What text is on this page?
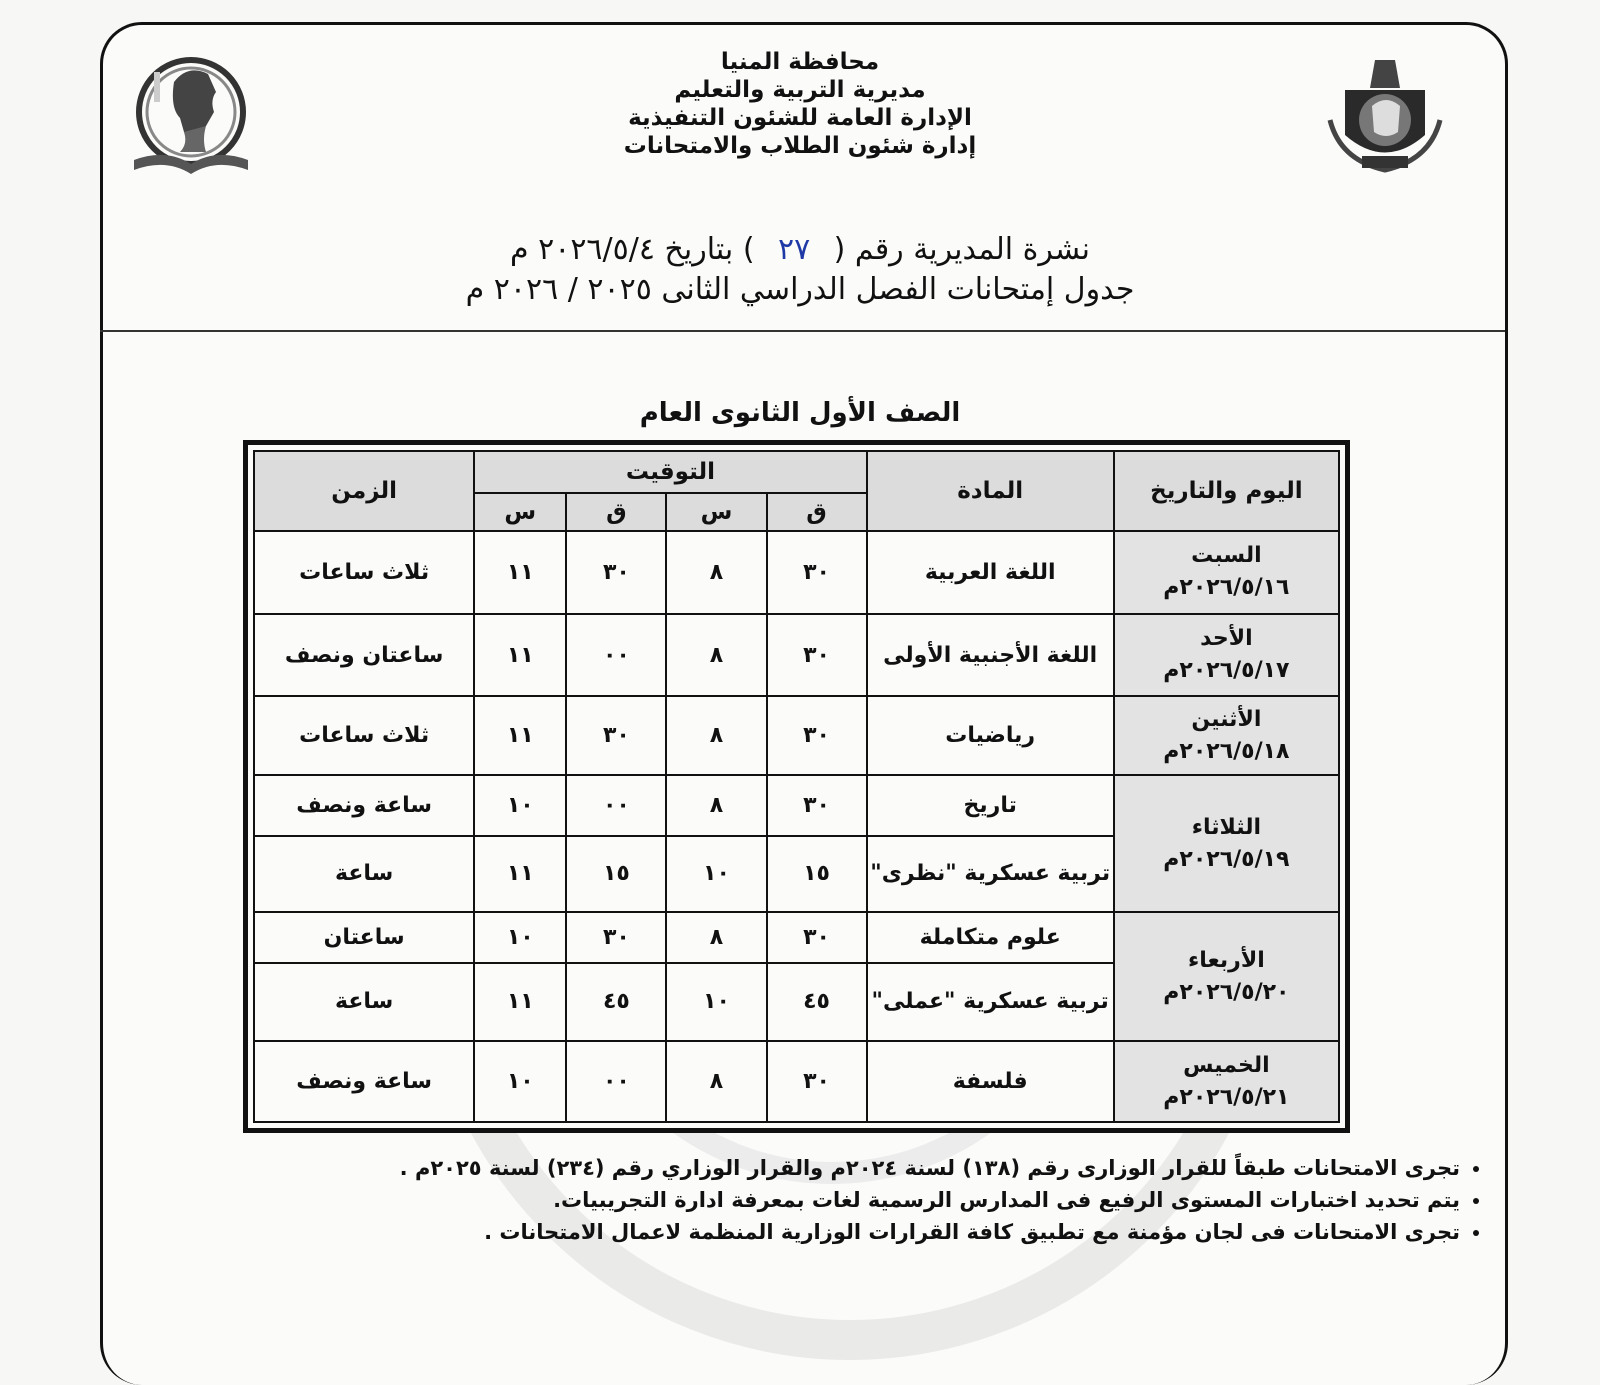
محافظة المنيا
مديرية التربية والتعليم
الإدارة العامة للشئون التنفيذية
إدارة شئون الطلاب والامتحانات
نشرة المديرية رقم ( ٢٧ ) بتاريخ ٢٠٢٦/٥/٤ م
جدول إمتحانات الفصل الدراسي الثانى ٢٠٢٥ / ٢٠٢٦ م
الصف الأول الثانوى العام
اليوم والتاريخ	المادة	التوقيت				الزمن
		ق	س	ق	س	

السبت
٢٠٢٦/٥/١٦م	اللغة العربية	٣٠	٨	٣٠	١١	ثلاث ساعات

الأحد
٢٠٢٦/٥/١٧م	اللغة الأجنبية الأولى	٣٠	٨	٠٠	١١	ساعتان ونصف

الأثنين
٢٠٢٦/٥/١٨م	رياضيات	٣٠	٨	٣٠	١١	ثلاث ساعات

الثلاثاء
٢٠٢٦/٥/١٩م	تاريخ	٣٠	٨	٠٠	١٠	ساعة ونصف
	تربية عسكرية "نظرى"	١٥	١٠	١٥	١١	ساعة

الأربعاء
٢٠٢٦/٥/٢٠م	علوم متكاملة	٣٠	٨	٣٠	١٠	ساعتان
	تربية عسكرية "عملى"	٤٥	١٠	٤٥	١١	ساعة

الخميس
٢٠٢٦/٥/٢١م	فلسفة	٣٠	٨	٠٠	١٠	ساعة ونصف
• تجرى الامتحانات طبقاً للقرار الوزارى رقم (١٣٨) لسنة ٢٠٢٤م والقرار الوزاري رقم (٢٣٤) لسنة ٢٠٢٥م .
• يتم تحديد اختبارات المستوى الرفيع فى المدارس الرسمية لغات بمعرفة ادارة التجريبيات.
• تجرى الامتحانات فى لجان مؤمنة مع تطبيق كافة القرارات الوزارية المنظمة لاعمال الامتحانات .
